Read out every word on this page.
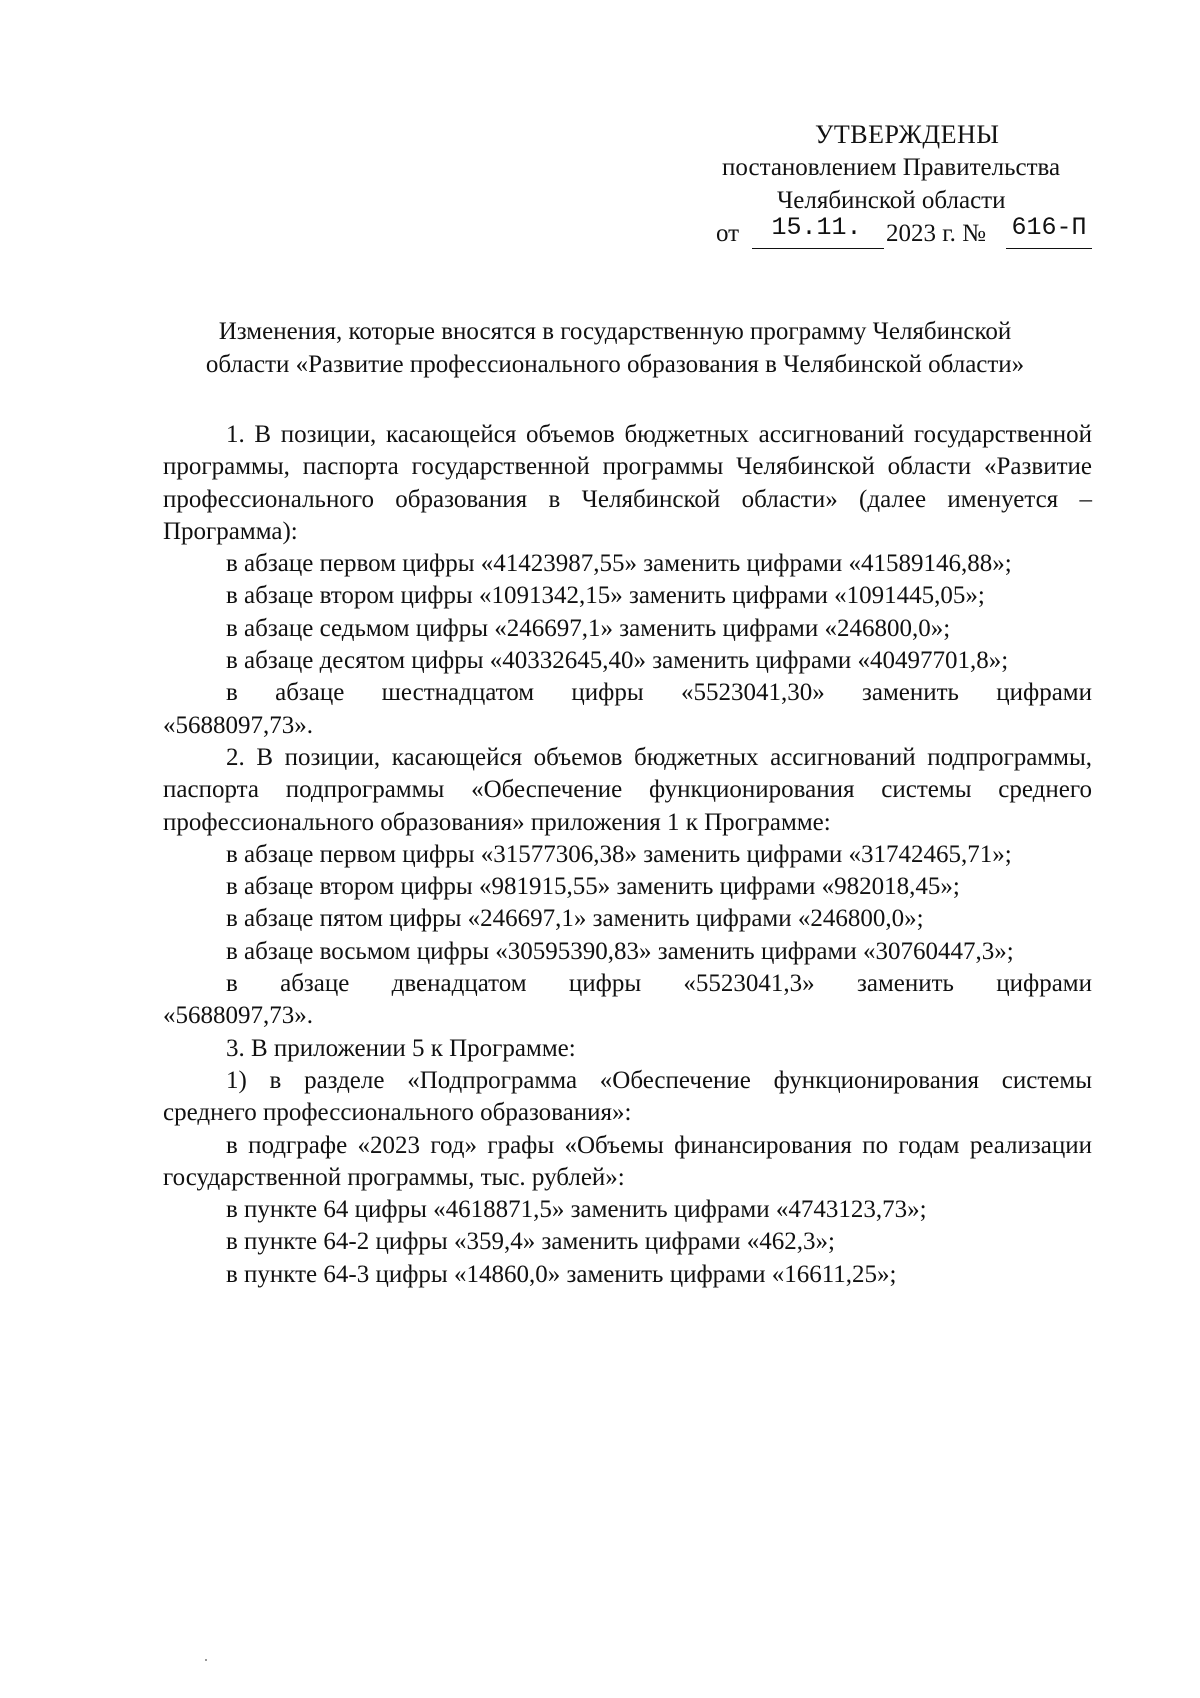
УТВЕРЖДЕНЫ
постановлением Правительства
Челябинской области
от	15.11. 2023 г. № 616-П
Изменения, которые вносятся в государственную программу Челябинской
области «Развитие профессионального образования в Челябинской области»

1. В позиции, касающейся объемов бюджетных ассигнований государственной программы, паспорта государственной программы Челябинской области «Развитие профессионального образования в Челябинской области» (далее именуется – Программа):

в абзаце первом цифры «41423987,55» заменить цифрами «41589146,88»;

в абзаце втором цифры «1091342,15» заменить цифрами «1091445,05»;

в абзаце седьмом цифры «246697,1» заменить цифрами «246800,0»;

в абзаце десятом цифры «40332645,40» заменить цифрами «40497701,8»;

в абзаце шестнадцатом цифры «5523041,30» заменить цифрами

«5688097,73».

2. В позиции, касающейся объемов бюджетных ассигнований подпрограммы, паспорта подпрограммы «Обеспечение функционирования системы среднего профессионального образования» приложения 1 к Программе:

в абзаце первом цифры «31577306,38» заменить цифрами «31742465,71»;

в абзаце втором цифры «981915,55» заменить цифрами «982018,45»;

в абзаце пятом цифры «246697,1» заменить цифрами «246800,0»;

в абзаце восьмом цифры «30595390,83» заменить цифрами «30760447,3»;

в абзаце двенадцатом цифры «5523041,3» заменить цифрами

«5688097,73».

3. В приложении 5 к Программе:

1) в разделе «Подпрограмма «Обеспечение функционирования системы среднего профессионального образования»:

в подграфе «2023 год» графы «Объемы финансирования по годам реализации государственной программы, тыс. рублей»:

в пункте 64 цифры «4618871,5» заменить цифрами «4743123,73»;

в пункте 64-2 цифры «359,4» заменить цифрами «462,3»;

в пункте 64-3 цифры «14860,0» заменить цифрами «16611,25»;
